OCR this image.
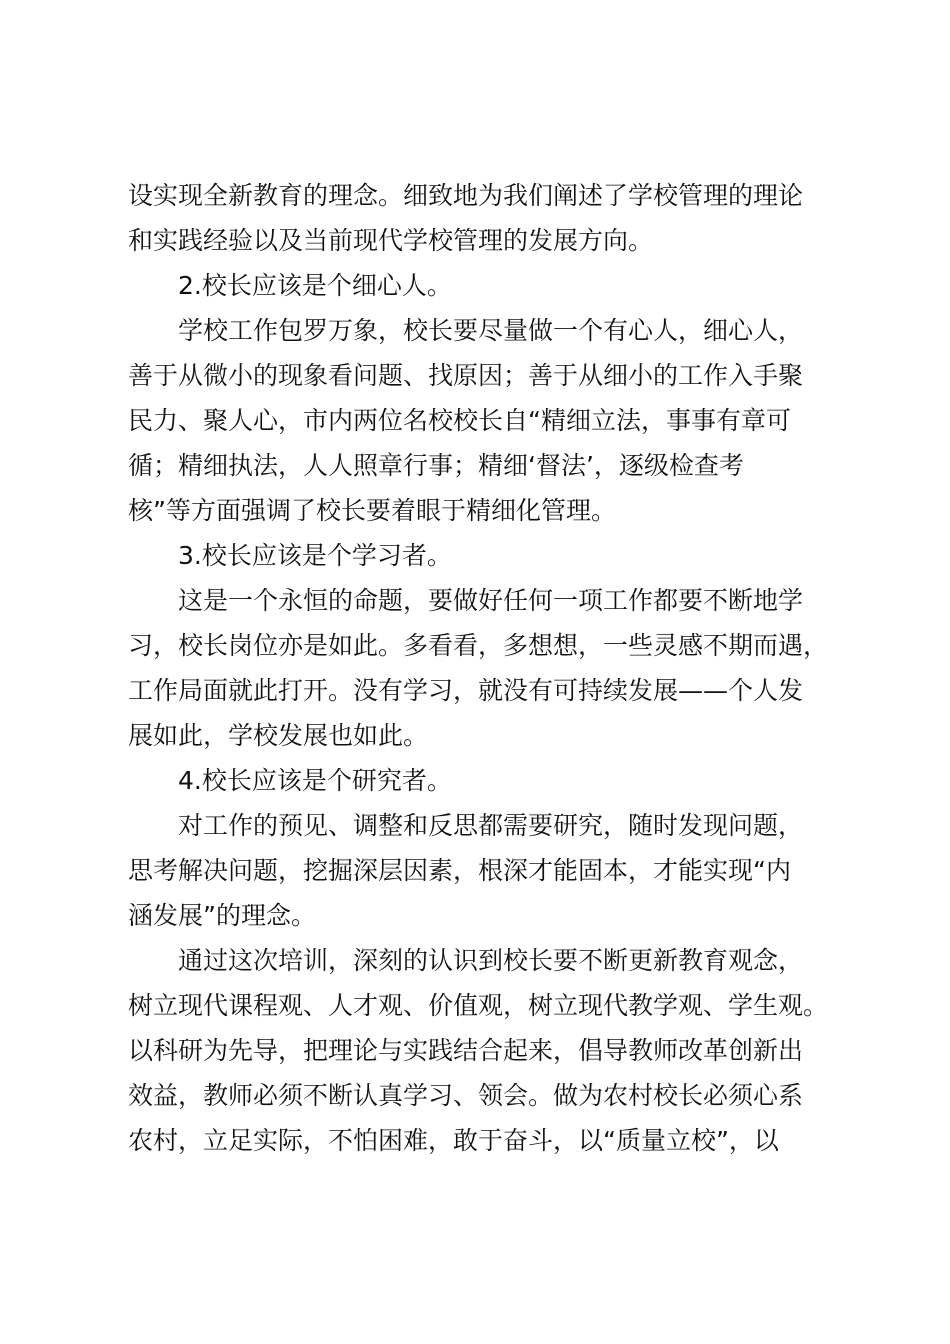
设实现全新教育的理念。细致地为我们阐述了学校管理的理论

和实践经验以及当前现代学校管理的发展方向。

2.校长应该是个细心人。

学校工作包罗万象，校长要尽量做一个有心人，细心人，

善于从微小的现象看问题、找原因；善于从细小的工作入手聚

民力、聚人心，市内两位名校校长自“精细立法，事事有章可

循；精细执法，人人照章行事；精细‘督法’，逐级检查考

核”等方面强调了校长要着眼于精细化管理。

3.校长应该是个学习者。

这是一个永恒的命题，要做好任何一项工作都要不断地学

习，校长岗位亦是如此。多看看，多想想，一些灵感不期而遇，

工作局面就此打开。没有学习，就没有可持续发展——个人发

展如此，学校发展也如此。

4.校长应该是个研究者。

对工作的预见、调整和反思都需要研究，随时发现问题，

思考解决问题，挖掘深层因素，根深才能固本，才能实现“内

涵发展”的理念。

通过这次培训，深刻的认识到校长要不断更新教育观念，

树立现代课程观、人才观、价值观，树立现代教学观、学生观。

以科研为先导，把理论与实践结合起来，倡导教师改革创新出

效益，教师必须不断认真学习、领会。做为农村校长必须心系

农村，立足实际，不怕困难，敢于奋斗，以“质量立校”，以
